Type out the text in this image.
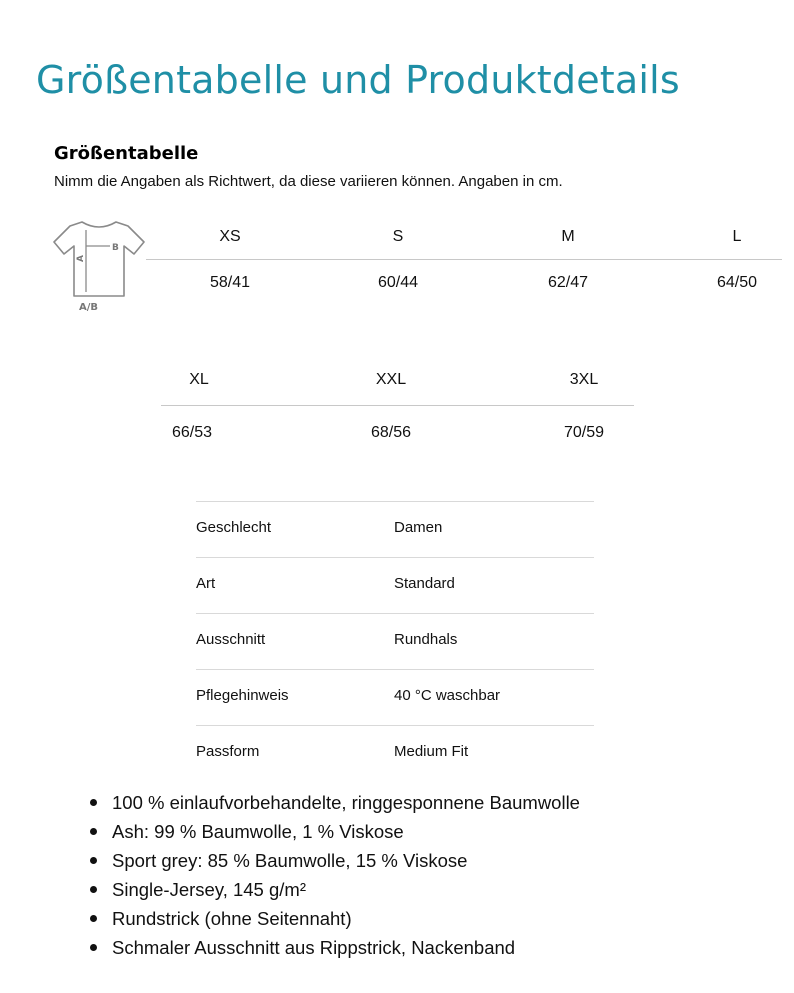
Größentabelle und Produktdetails
Größentabelle
Nimm die Angaben als Richtwert, da diese variieren können. Angaben in cm.
B
A
A/B
XS	S	M	L
58/41	60/44	62/47	64/50
XL	XXL	3XL
66/53	68/56	70/59
Geschlecht	Damen
Art	Standard
Ausschnitt	Rundhals
Pflegehinweis	40 °C waschbar
Passform	Medium Fit
100 % einlaufvorbehandelte, ringgesponnene Baumwolle
Ash: 99 % Baumwolle, 1 % Viskose
Sport grey: 85 % Baumwolle, 15 % Viskose
Single-Jersey, 145 g/m²
Rundstrick (ohne Seitennaht)
Schmaler Ausschnitt aus Rippstrick, Nackenband
